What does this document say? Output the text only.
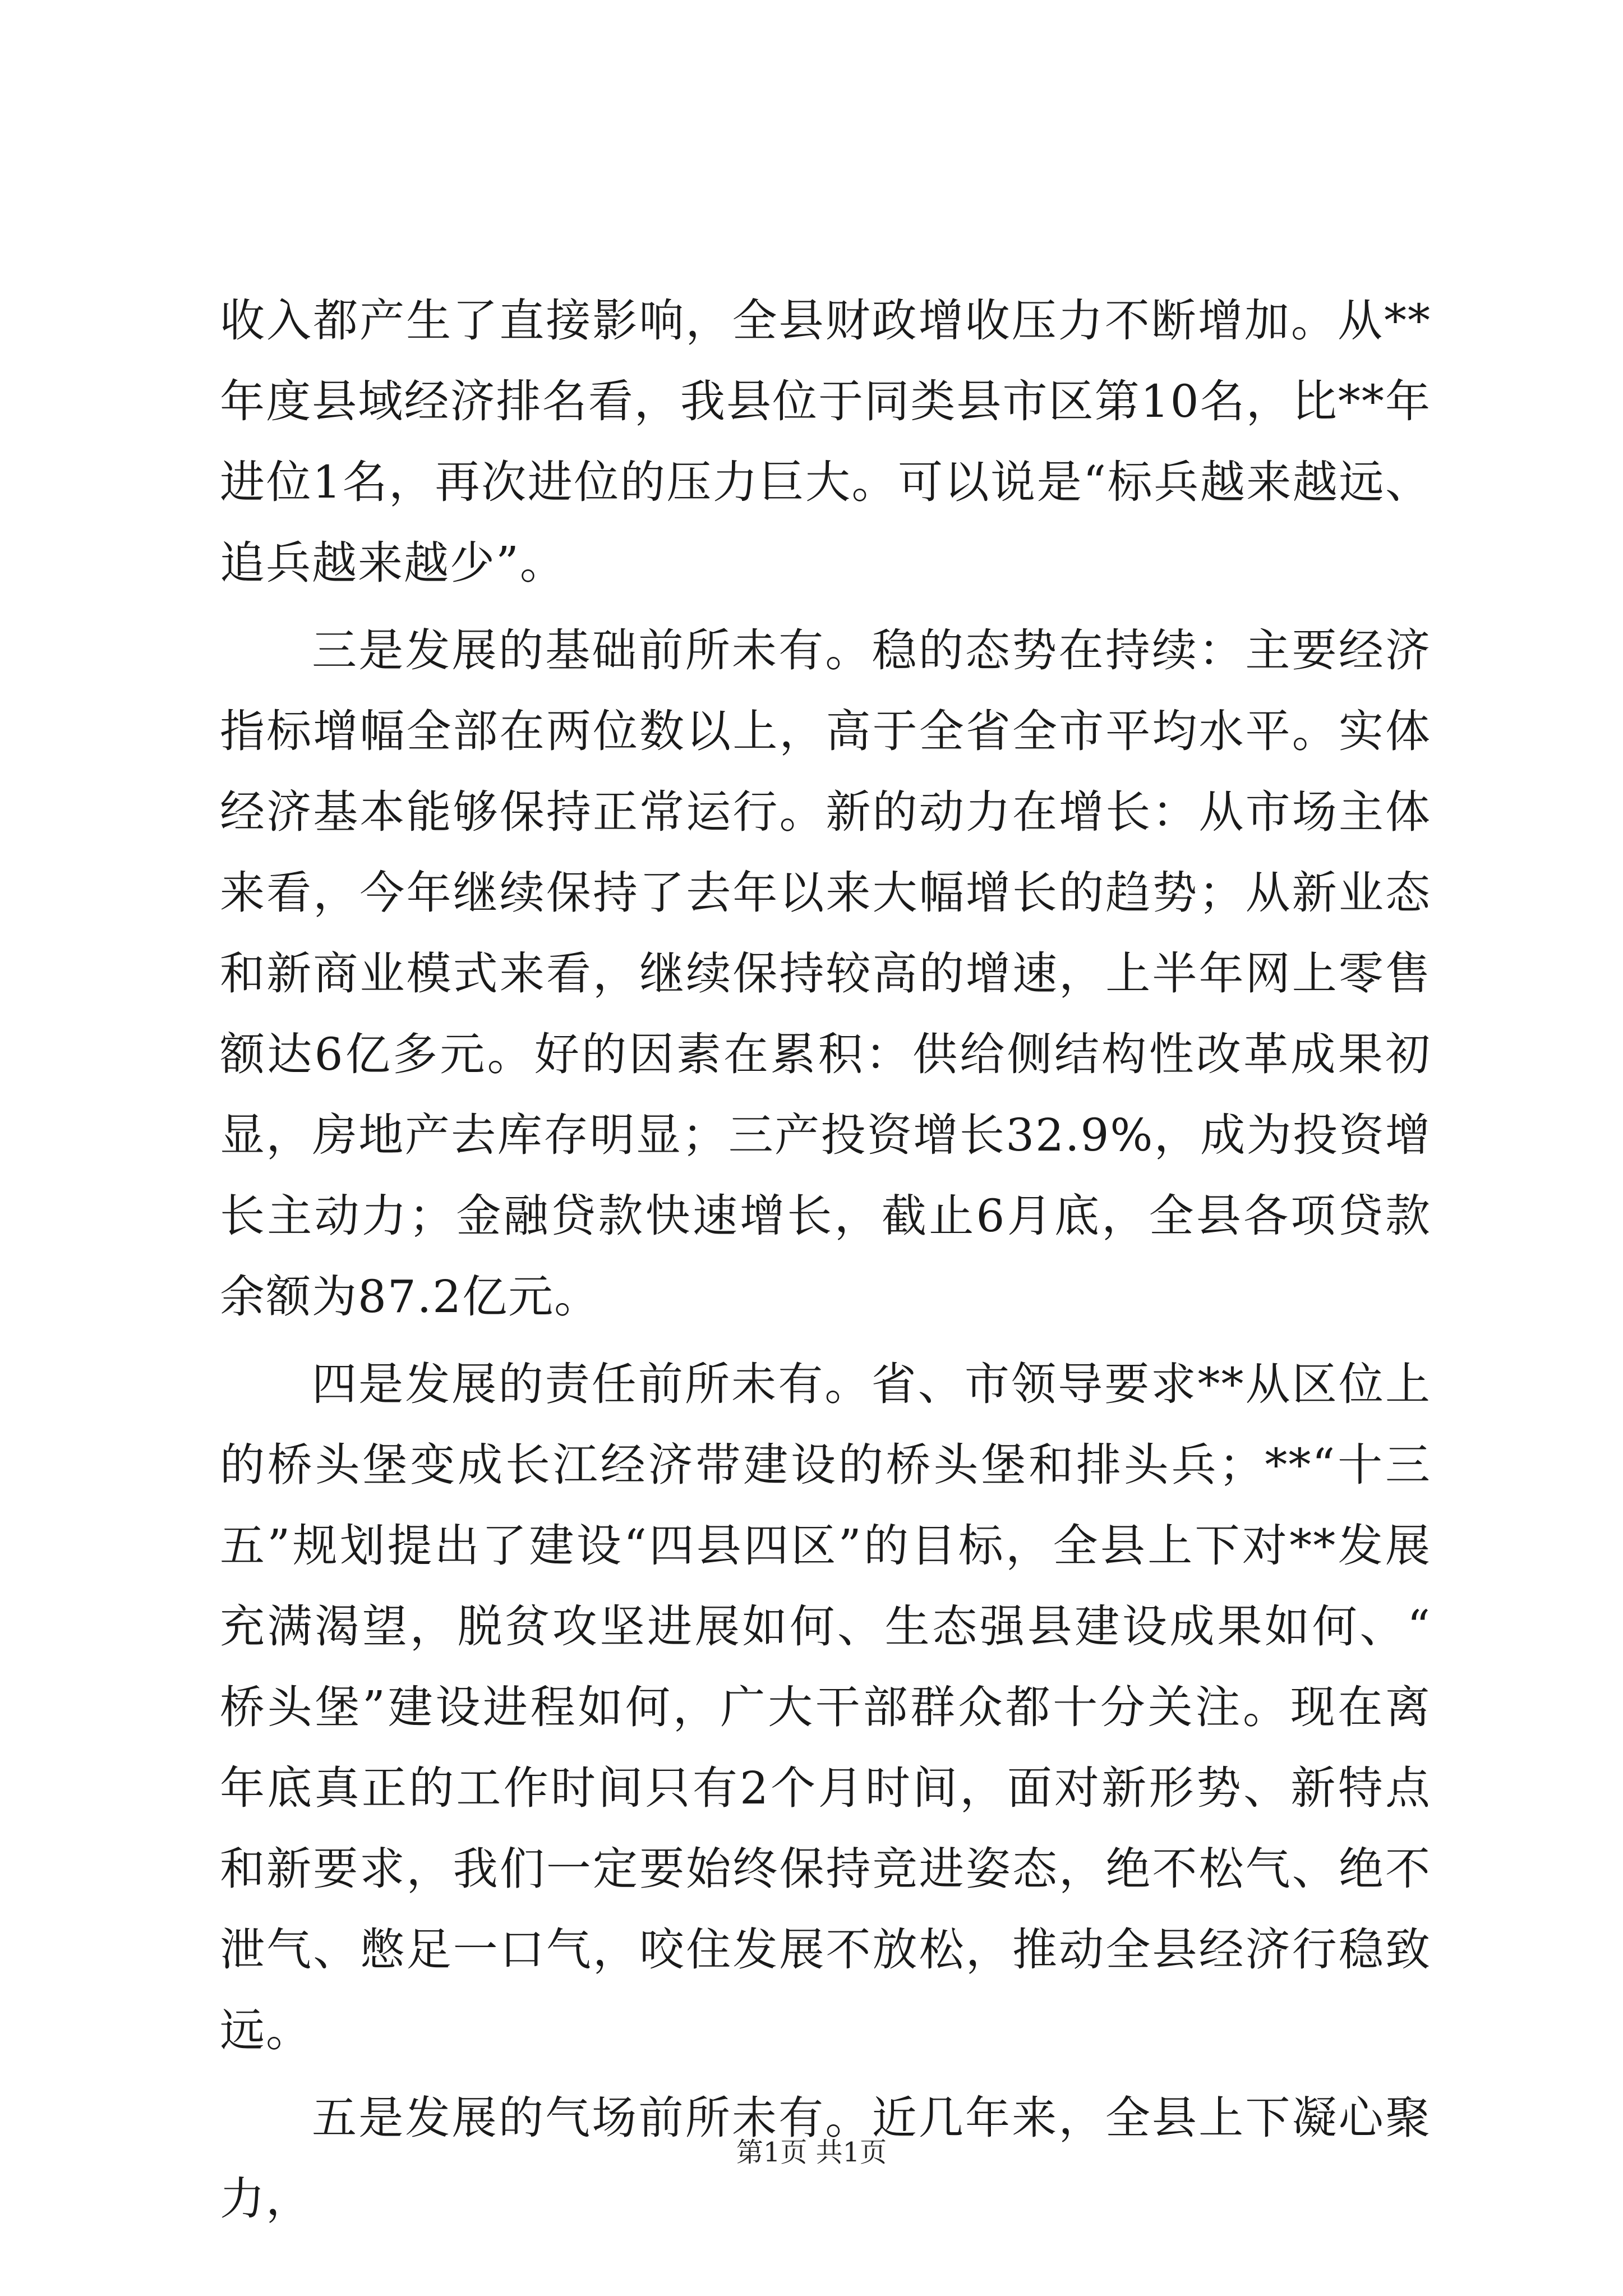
收入都产生了直接影响，全县财政增收压力不断增加。从**年度县域经济排名看，我县位于同类县市区第10名，比**年进位1名，再次进位的压力巨大。可以说是“标兵越来越远、追兵越来越少”。

三是发展的基础前所未有。稳的态势在持续：主要经济指标增幅全部在两位数以上，高于全省全市平均水平。实体经济基本能够保持正常运行。新的动力在增长：从市场主体来看，今年继续保持了去年以来大幅增长的趋势；从新业态和新商业模式来看，继续保持较高的增速，上半年网上零售额达6亿多元。好的因素在累积：供给侧结构性改革成果初显，房地产去库存明显；三产投资增长32.9%，成为投资增长主动力；金融贷款快速增长，截止6月底，全县各项贷款余额为87.2亿元。

四是发展的责任前所未有。省、市领导要求**从区位上的桥头堡变成长江经济带建设的桥头堡和排头兵；**“十三五”规划提出了建设“四县四区”的目标，全县上下对**发展充满渴望，脱贫攻坚进展如何、生态强县建设成果如何、“桥头堡”建设进程如何，广大干部群众都十分关注。现在离年底真正的工作时间只有2个月时间，面对新形势、新特点和新要求，我们一定要始终保持竞进姿态，绝不松气、绝不泄气、憋足一口气，咬住发展不放松，推动全县经济行稳致远。

五是发展的气场前所未有。近几年来，全县上下凝心聚力，

第1页 共1页
